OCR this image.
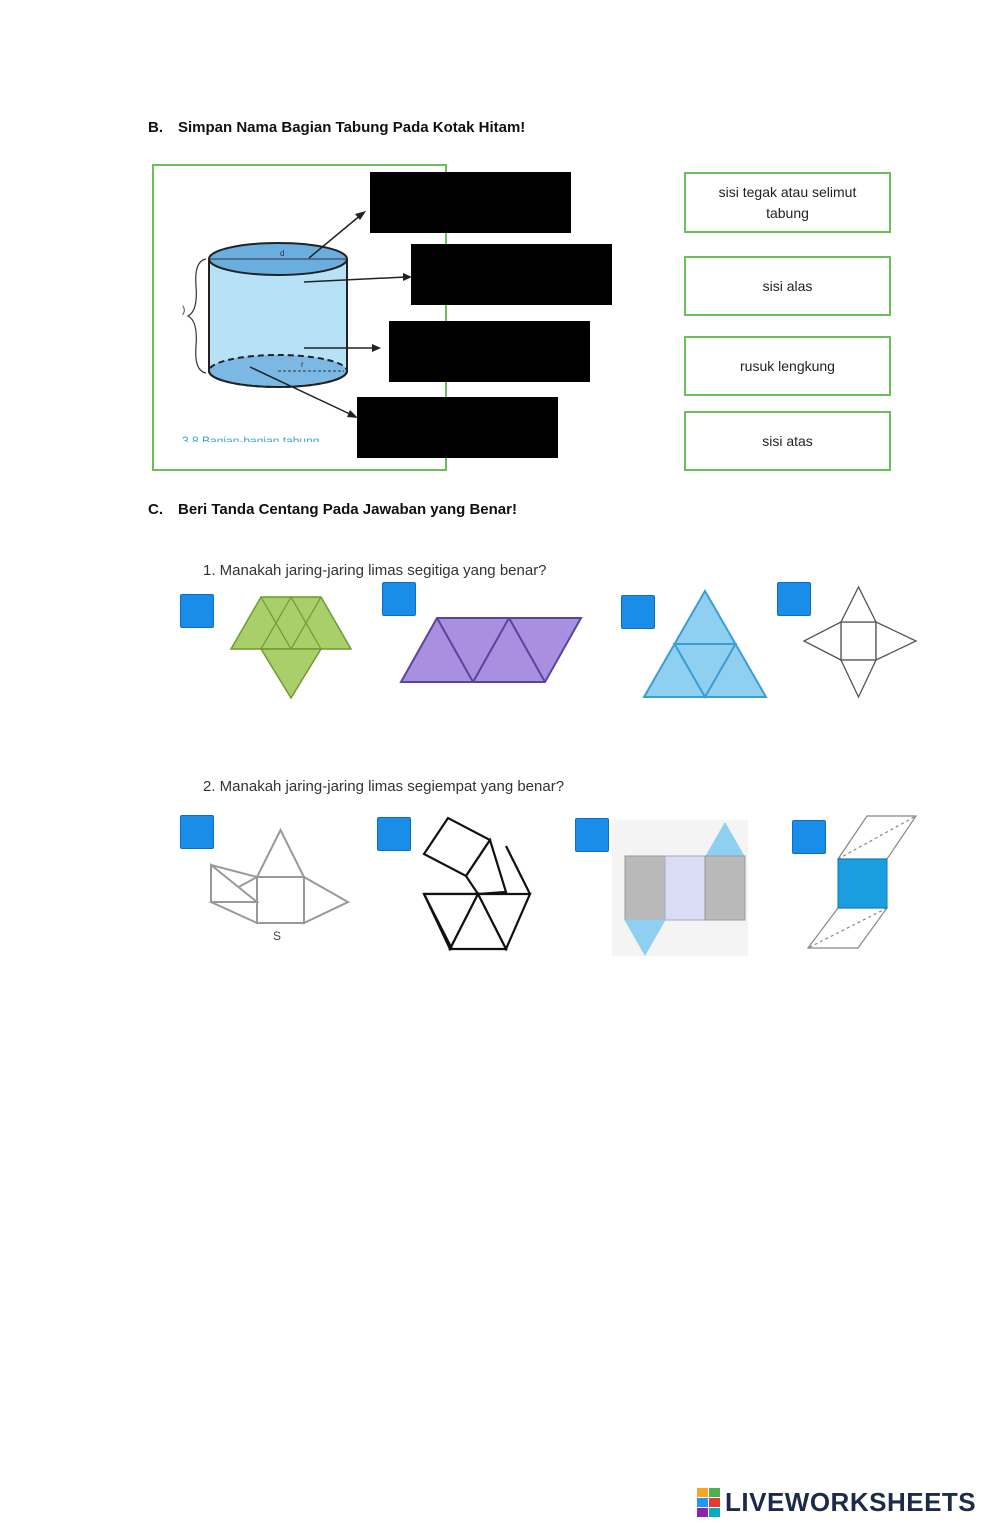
B. Simpan Nama Bagian Tabung Pada Kotak Hitam!
d
r
)
3.8 Bagian-bagian tabung
sisi tegak atau selimut
tabung
sisi alas
rusuk lengkung
sisi atas
C. Beri Tanda Centang Pada Jawaban yang Benar!
1. Manakah jaring-jaring limas segitiga yang benar?
2. Manakah jaring-jaring limas segiempat yang benar?
S
LIVEWORKSHEETS
